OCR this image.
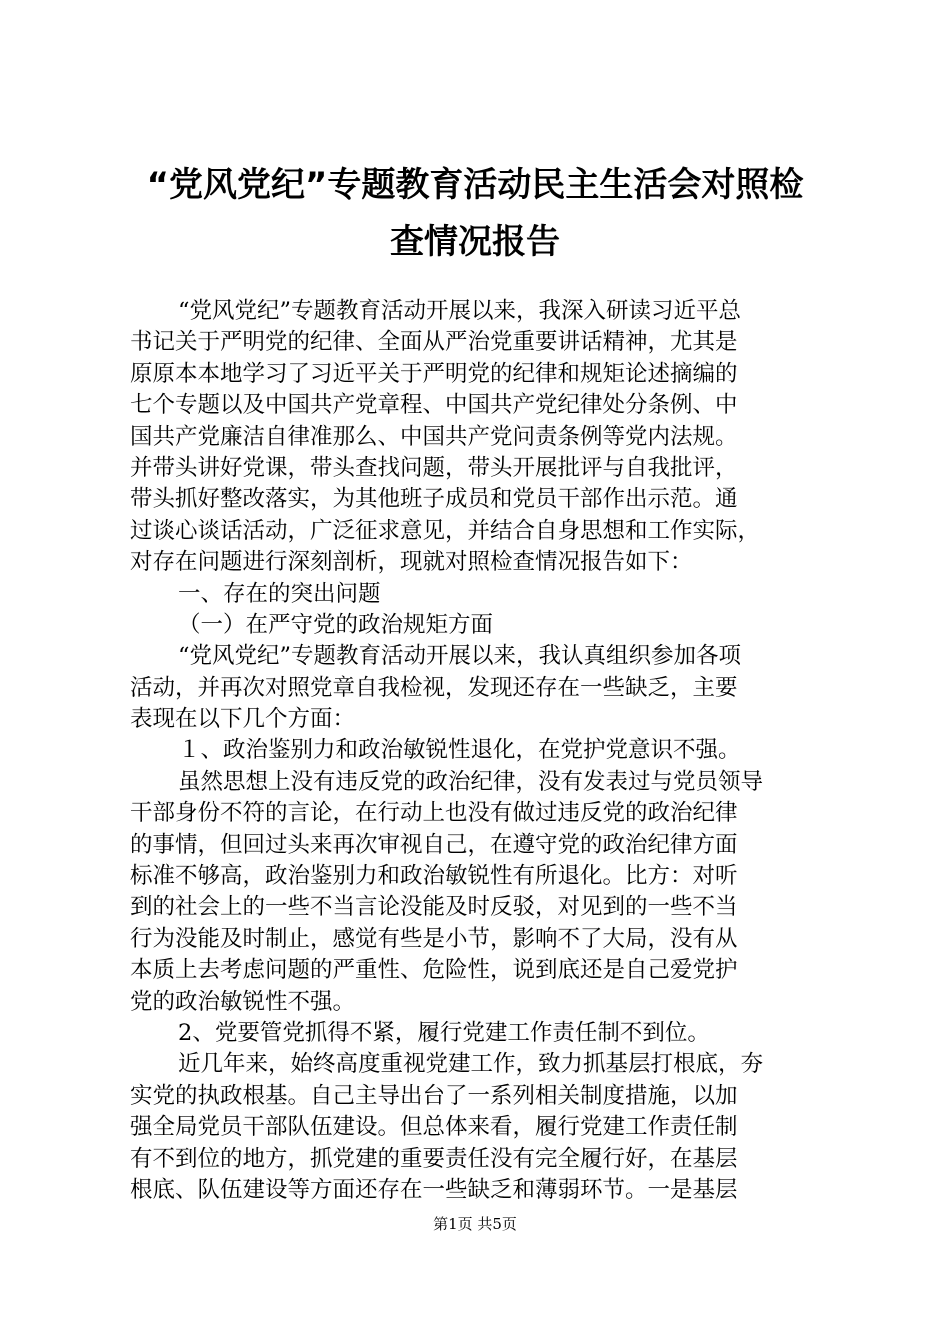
“党风党纪”专题教育活动民主生活会对照检
查情况报告
“党风党纪”专题教育活动开展以来，我深入研读习近平总
书记关于严明党的纪律、全面从严治党重要讲话精神，尤其是
原原本本地学习了习近平关于严明党的纪律和规矩论述摘编的
七个专题以及中国共产党章程、中国共产党纪律处分条例、中
国共产党廉洁自律准那么、中国共产党问责条例等党内法规。
并带头讲好党课，带头查找问题，带头开展批评与自我批评，
带头抓好整改落实，为其他班子成员和党员干部作出示范。通
过谈心谈话活动，广泛征求意见，并结合自身思想和工作实际，
对存在问题进行深刻剖析，现就对照检查情况报告如下：
一、存在的突出问题
（一）在严守党的政治规矩方面
“党风党纪”专题教育活动开展以来，我认真组织参加各项
活动，并再次对照党章自我检视，发现还存在一些缺乏，主要
表现在以下几个方面：
１、政治鉴别力和政治敏锐性退化，在党护党意识不强。
虽然思想上没有违反党的政治纪律，没有发表过与党员领导
干部身份不符的言论，在行动上也没有做过违反党的政治纪律
的事情，但回过头来再次审视自己，在遵守党的政治纪律方面
标准不够高，政治鉴别力和政治敏锐性有所退化。比方：对听
到的社会上的一些不当言论没能及时反驳，对见到的一些不当
行为没能及时制止，感觉有些是小节，影响不了大局，没有从
本质上去考虑问题的严重性、危险性，说到底还是自己爱党护
党的政治敏锐性不强。
2、党要管党抓得不紧，履行党建工作责任制不到位。
近几年来，始终高度重视党建工作，致力抓基层打根底，夯
实党的执政根基。自己主导出台了一系列相关制度措施，以加
强全局党员干部队伍建设。但总体来看，履行党建工作责任制
有不到位的地方，抓党建的重要责任没有完全履行好，在基层
根底、队伍建设等方面还存在一些缺乏和薄弱环节。一是基层
第1页 共5页
